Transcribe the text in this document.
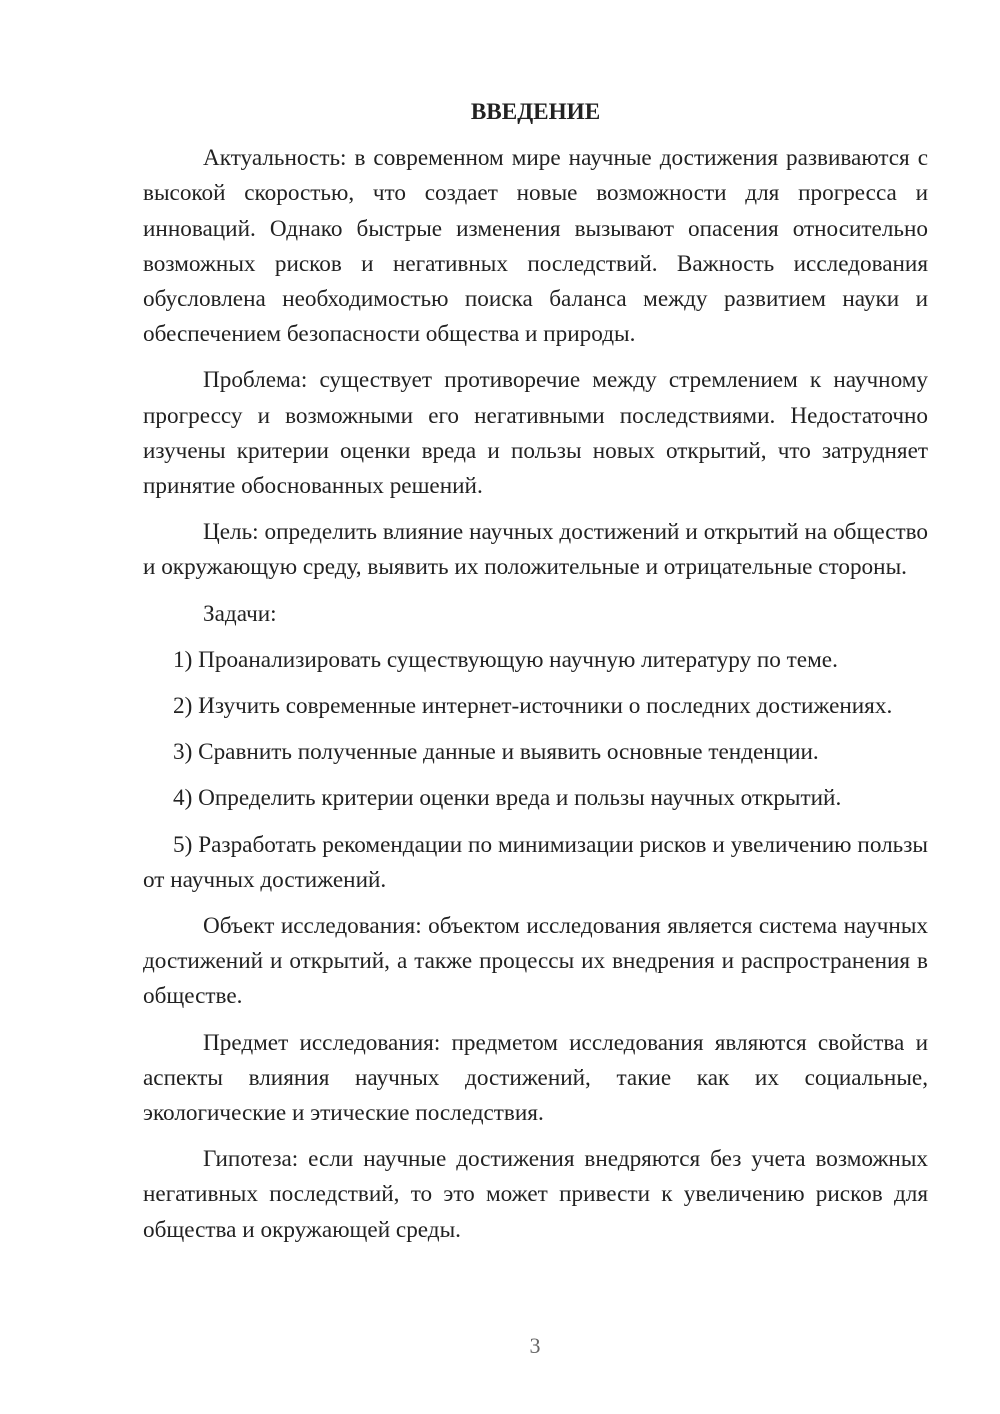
ВВЕДЕНИЕ

Актуальность: в современном мире научные достижения развиваются с высокой скоростью, что создает новые возможности для прогресса и инноваций. Однако быстрые изменения вызывают опасения относительно возможных рисков и негативных последствий. Важность исследования обусловлена необходимостью поиска баланса между развитием науки и обеспечением безопасности общества и природы.

Проблема: существует противоречие между стремлением к научному прогрессу и возможными его негативными последствиями. Недостаточно изучены критерии оценки вреда и пользы новых открытий, что затрудняет принятие обоснованных решений.

Цель: определить влияние научных достижений и открытий на общество и окружающую среду, выявить их положительные и отрицательные стороны.

Задачи:

1) Проанализировать существующую научную литературу по теме.

2) Изучить современные интернет-источники о последних достижениях.

3) Сравнить полученные данные и выявить основные тенденции.

4) Определить критерии оценки вреда и пользы научных открытий.

5) Разработать рекомендации по минимизации рисков и увеличению пользы от научных достижений.

Объект исследования: объектом исследования является система научных достижений и открытий, а также процессы их внедрения и распространения в обществе.

Предмет исследования: предметом исследования являются свойства и аспекты влияния научных достижений, такие как их социальные, экологические и этические последствия.

Гипотеза: если научные достижения внедряются без учета возможных негативных последствий, то это может привести к увеличению рисков для общества и окружающей среды.

3
